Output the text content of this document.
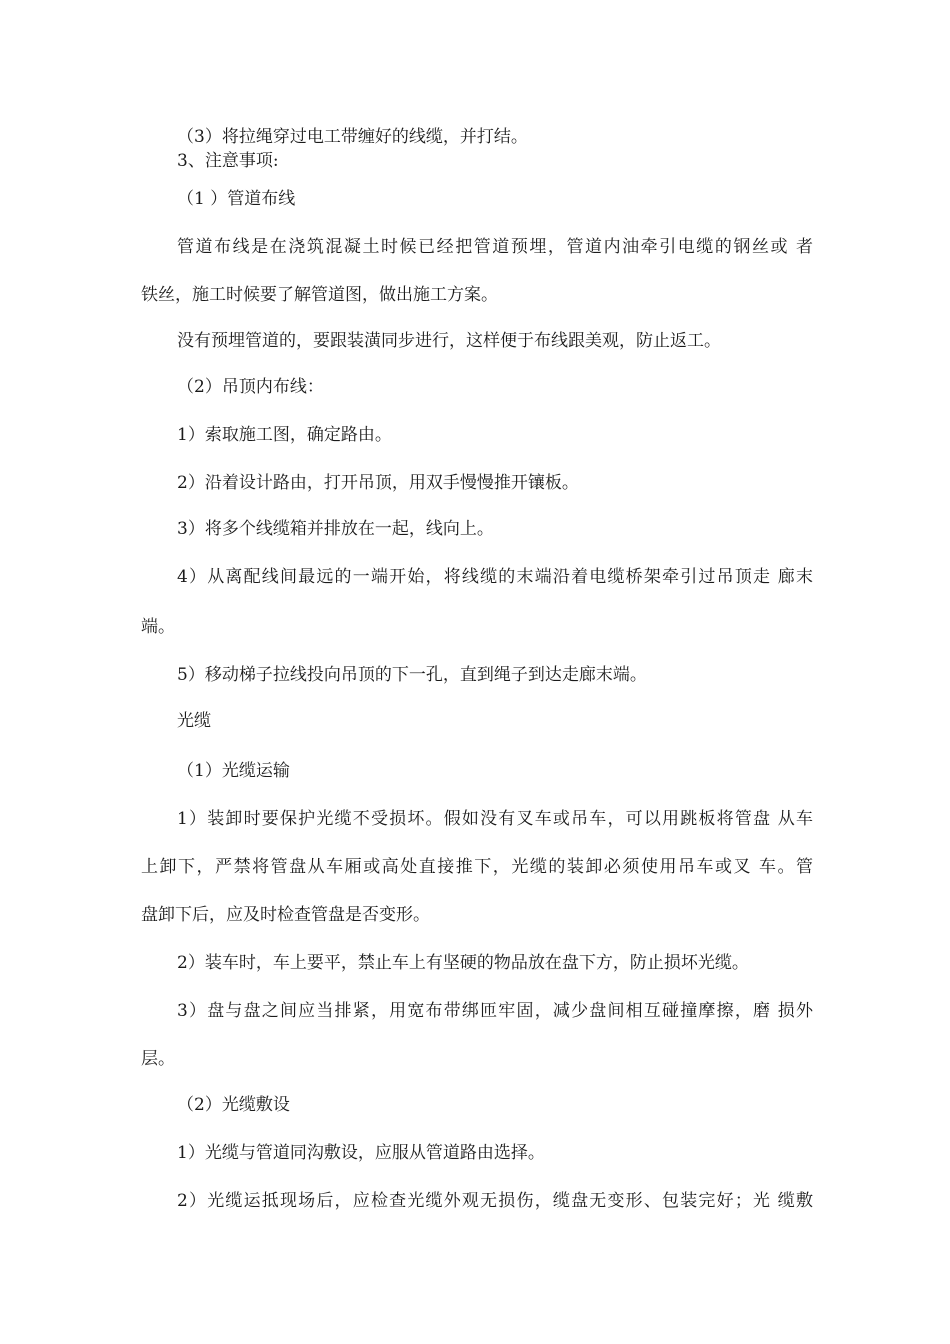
（3）将拉绳穿过电工带缠好的线缆，并打结。
3、注意事项:
（1 ）管道布线
管道布线是在浇筑混凝土时候已经把管道预埋，管道内油牵引电缆的钢丝或 者
铁丝，施工时候要了解管道图，做出施工方案。
没有预埋管道的，要跟装潢同步进行，这样便于布线跟美观，防止返工。
（2）吊顶内布线：
1）索取施工图，确定路由。
2）沿着设计路由，打开吊顶，用双手慢慢推开镶板。
3）将多个线缆箱并排放在一起，线向上。
4）从离配线间最远的一端开始，将线缆的末端沿着电缆桥架牵引过吊顶走 廊末
端。
5）移动梯子拉线投向吊顶的下一孔，直到绳子到达走廊末端。
光缆
（1）光缆运输
1）装卸时要保护光缆不受损坏。假如没有叉车或吊车，可以用跳板将管盘 从车
上卸下，严禁将管盘从车厢或高处直接推下，光缆的装卸必须使用吊车或叉 车。管
盘卸下后，应及时检查管盘是否变形。
2）装车时，车上要平，禁止车上有坚硬的物品放在盘下方，防止损坏光缆。
3）盘与盘之间应当排紧，用宽布带绑匝牢固，减少盘间相互碰撞摩擦，磨 损外
层。
（2）光缆敷设
1）光缆与管道同沟敷设，应服从管道路由选择。
2）光缆运抵现场后，应检查光缆外观无损伤，缆盘无变形、包装完好；光 缆敷
